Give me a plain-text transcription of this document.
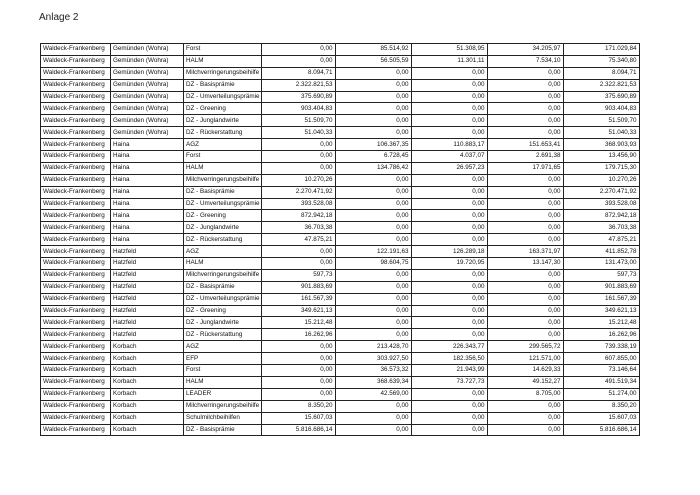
Anlage 2
Waldeck-Frankenberg	Gemünden (Wohra)	Forst	0,00	85.514,92	51.308,95	34.205,97	171.029,84
Waldeck-Frankenberg	Gemünden (Wohra)	HALM	0,00	56.505,59	11.301,11	7.534,10	75.340,80
Waldeck-Frankenberg	Gemünden (Wohra)	Milchverringerungsbeihilfe	8.094,71	0,00	0,00	0,00	8.094,71
Waldeck-Frankenberg	Gemünden (Wohra)	DZ - Basisprämie	2.322.821,53	0,00	0,00	0,00	2.322.821,53
Waldeck-Frankenberg	Gemünden (Wohra)	DZ - Umverteilungsprämie	375.690,89	0,00	0,00	0,00	375.690,89
Waldeck-Frankenberg	Gemünden (Wohra)	DZ - Greening	903.404,83	0,00	0,00	0,00	903.404,83
Waldeck-Frankenberg	Gemünden (Wohra)	DZ - Junglandwirte	51.509,70	0,00	0,00	0,00	51.509,70
Waldeck-Frankenberg	Gemünden (Wohra)	DZ - Rückerstattung	51.040,33	0,00	0,00	0,00	51.040,33
Waldeck-Frankenberg	Haina	AGZ	0,00	106.367,35	110.883,17	151.653,41	368.903,93
Waldeck-Frankenberg	Haina	Forst	0,00	6.728,45	4.037,07	2.691,38	13.456,90
Waldeck-Frankenberg	Haina	HALM	0,00	134.786,42	26.957,23	17.971,65	179.715,30
Waldeck-Frankenberg	Haina	Milchverringerungsbeihilfe	10.270,26	0,00	0,00	0,00	10.270,26
Waldeck-Frankenberg	Haina	DZ - Basisprämie	2.270.471,92	0,00	0,00	0,00	2.270.471,92
Waldeck-Frankenberg	Haina	DZ - Umverteilungsprämie	393.528,08	0,00	0,00	0,00	393.528,08
Waldeck-Frankenberg	Haina	DZ - Greening	872.942,18	0,00	0,00	0,00	872.942,18
Waldeck-Frankenberg	Haina	DZ - Junglandwirte	36.703,38	0,00	0,00	0,00	36.703,38
Waldeck-Frankenberg	Haina	DZ - Rückerstattung	47.875,21	0,00	0,00	0,00	47.875,21
Waldeck-Frankenberg	Hatzfeld	AGZ	0,00	122.191,63	126.289,18	163.371,97	411.852,78
Waldeck-Frankenberg	Hatzfeld	HALM	0,00	98.604,75	19.720,95	13.147,30	131.473,00
Waldeck-Frankenberg	Hatzfeld	Milchverringerungsbeihilfe	597,73	0,00	0,00	0,00	597,73
Waldeck-Frankenberg	Hatzfeld	DZ - Basisprämie	901.883,69	0,00	0,00	0,00	901.883,69
Waldeck-Frankenberg	Hatzfeld	DZ - Umverteilungsprämie	161.567,39	0,00	0,00	0,00	161.567,39
Waldeck-Frankenberg	Hatzfeld	DZ - Greening	349.621,13	0,00	0,00	0,00	349.621,13
Waldeck-Frankenberg	Hatzfeld	DZ - Junglandwirte	15.212,48	0,00	0,00	0,00	15.212,48
Waldeck-Frankenberg	Hatzfeld	DZ - Rückerstattung	16.262,96	0,00	0,00	0,00	16.262,96
Waldeck-Frankenberg	Korbach	AGZ	0,00	213.428,70	226.343,77	299.565,72	739.338,19
Waldeck-Frankenberg	Korbach	EFP	0,00	303.927,50	182.356,50	121.571,00	607.855,00
Waldeck-Frankenberg	Korbach	Forst	0,00	36.573,32	21.943,99	14.629,33	73.146,64
Waldeck-Frankenberg	Korbach	HALM	0,00	368.639,34	73.727,73	49.152,27	491.519,34
Waldeck-Frankenberg	Korbach	LEADER	0,00	42.569,00	0,00	8.705,00	51.274,00
Waldeck-Frankenberg	Korbach	Milchverringerungsbeihilfe	8.350,20	0,00	0,00	0,00	8.350,20
Waldeck-Frankenberg	Korbach	Schulmilchbeihilfen	15.607,03	0,00	0,00	0,00	15.607,03
Waldeck-Frankenberg	Korbach	DZ - Basisprämie	5.816.686,14	0,00	0,00	0,00	5.816.686,14
